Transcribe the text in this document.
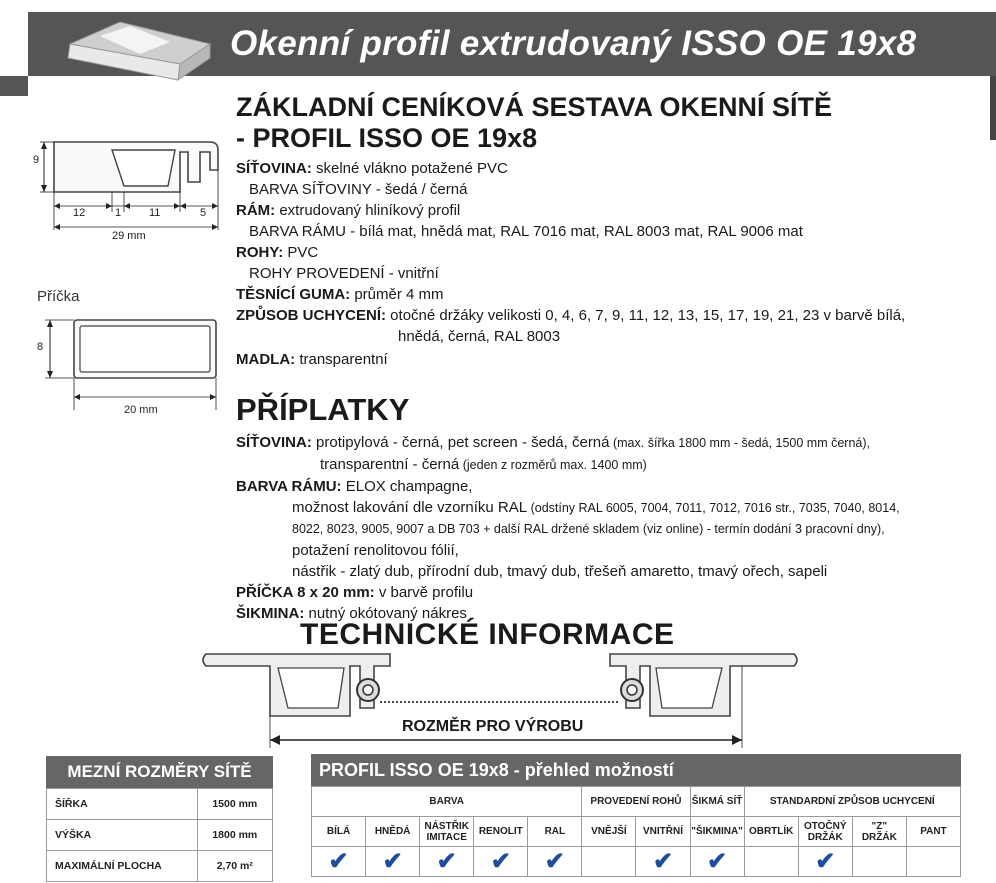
Okenní profil extrudovaný ISSO OE 19x8
ZÁKLADNÍ CENÍKOVÁ SESTAVA OKENNÍ SÍTĚ
- PROFIL ISSO OE 19x8
SÍŤOVINA: skelné vlákno potažené PVC
BARVA SÍŤOVINY - šedá / černá
RÁM: extrudovaný hliníkový profil
BARVA RÁMU - bílá mat, hnědá mat, RAL 7016 mat, RAL 8003 mat, RAL 9006 mat
ROHY: PVC
ROHY PROVEDENÍ - vnitřní
TĚSNÍCÍ GUMA: průměr 4 mm
ZPŮSOB UCHYCENÍ: otočné držáky velikosti 0, 4, 6, 7, 9, 11, 12, 13, 15, 17, 19, 21, 23 v barvě bílá,
hnědá, černá, RAL 8003
MADLA: transparentní
9
12	1	11	5
29 mm
Příčka
8
20 mm	PŘÍPLATKY
SÍŤOVINA: protipylová - černá, pet screen - šedá, černá (max. šířka 1800 mm - šedá, 1500 mm černá),
transparentní - černá (jeden z rozměrů max. 1400 mm)
BARVA RÁMU: ELOX champagne,
možnost lakování dle vzorníku RAL (odstíny RAL 6005, 7004, 7011, 7012, 7016 str., 7035, 7040, 8014,
8022, 8023, 9005, 9007 a DB 703 + další RAL držené skladem (viz online) - termín dodání 3 pracovní dny),
potažení renolitovou fólií,
nástřik - zlatý dub, přírodní dub, tmavý dub, třešeň amaretto, tmavý ořech, sapeli
PŘÍČKA 8 x 20 mm: v barvě profilu
ŠIKMINA: nutný okótovaný nákres
TECHNICKÉ INFORMACE
ROZMĚR PRO VÝROBU
MEZNÍ ROZMĚRY SÍTĚ
ŠÍŘKA	1500 mm
VÝŠKA	1800 mm
MAXIMÁLNÍ PLOCHA	2,70 m²
PROFIL ISSO OE 19x8 - přehled možností
BARVA					PROVEDENÍ ROHŮ		ŠIKMÁ SÍŤ	STANDARDNÍ ZPŮSOB UCHYCENÍ			
BÍLÁ	HNĚDÁ	NÁSTŘIK IMITACE	RENOLIT	RAL	VNĚJŠÍ	VNITŘNÍ	"ŠIKMINA"	OBRTLÍK	OTOČNÝ DRŽÁK	"Z" DRŽÁK	PANT
✔	✔	✔	✔	✔		✔	✔		✔		
